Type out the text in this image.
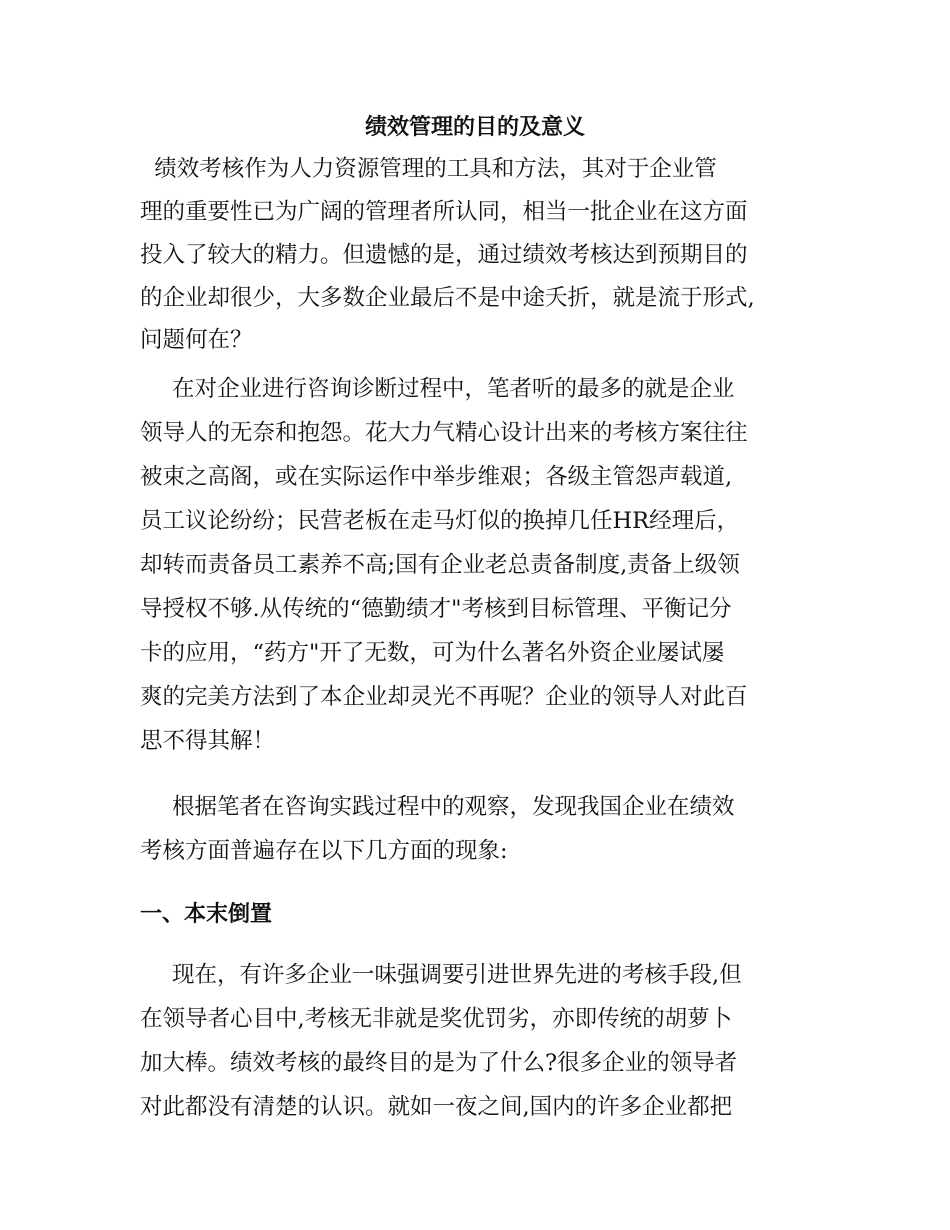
绩效管理的目的及意义

绩效考核作为人力资源管理的工具和方法，其对于企业管

理的重要性已为广阔的管理者所认同，相当一批企业在这方面

投入了较大的精力。但遗憾的是，通过绩效考核达到预期目的

的企业却很少，大多数企业最后不是中途夭折，就是流于形式,

问题何在？

在对企业进行咨询诊断过程中，笔者听的最多的就是企业

领导人的无奈和抱怨。花大力气精心设计出来的考核方案往往

被束之高阁，或在实际运作中举步维艰；各级主管怨声载道,

员工议论纷纷；民营老板在走马灯似的换掉几任HR经理后，

却转而责备员工素养不高;国有企业老总责备制度,责备上级领

导授权不够.从传统的“德勤绩才"考核到目标管理、平衡记分

卡的应用，“药方"开了无数，可为什么著名外资企业屡试屡

爽的完美方法到了本企业却灵光不再呢？企业的领导人对此百

思不得其解！

根据笔者在咨询实践过程中的观察，发现我国企业在绩效

考核方面普遍存在以下几方面的现象:

一、本末倒置

现在，有许多企业一味强调要引进世界先进的考核手段,但

在领导者心目中,考核无非就是奖优罚劣，亦即传统的胡萝卜

加大棒。绩效考核的最终目的是为了什么?很多企业的领导者

对此都没有清楚的认识。就如一夜之间,国内的许多企业都把
